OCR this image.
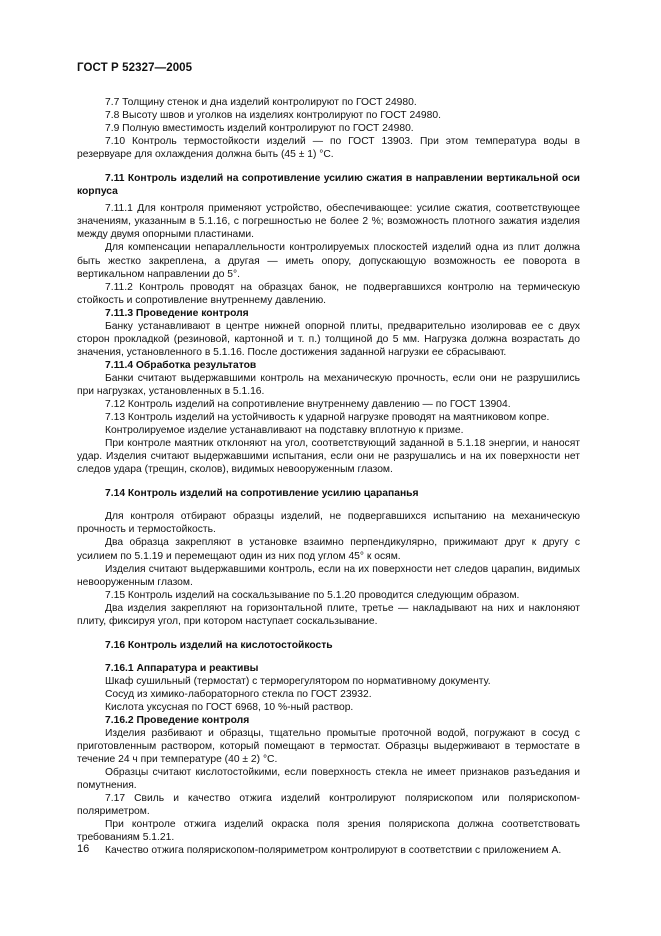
ГОСТ Р 52327—2005

7.7 Толщину стенок и дна изделий контролируют по ГОСТ 24980.

7.8 Высоту швов и уголков на изделиях контролируют по ГОСТ 24980.

7.9 Полную вместимость изделий контролируют по ГОСТ 24980.

7.10 Контроль термостойкости изделий — по ГОСТ 13903. При этом температура воды в резервуаре для охлаждения должна быть (45 ± 1) °С.

7.11 Контроль изделий на сопротивление усилию сжатия в направлении вертикальной оси корпуса

7.11.1 Для контроля применяют устройство, обеспечивающее: усилие сжатия, соответствующее значениям, указанным в 5.1.16, с погрешностью не более 2 %; возможность плотного зажатия изделия между двумя опорными пластинами.

Для компенсации непараллельности контролируемых плоскостей изделий одна из плит должна быть жестко закреплена, а другая — иметь опору, допускающую возможность ее поворота в вертикальном направлении до 5°.

7.11.2 Контроль проводят на образцах банок, не подвергавшихся контролю на термическую стойкость и сопротивление внутреннему давлению.

7.11.3 Проведение контроля

Банку устанавливают в центре нижней опорной плиты, предварительно изолировав ее с двух сторон прокладкой (резиновой, картонной и т. п.) толщиной до 5 мм. Нагрузка должна возрастать до значения, установленного в 5.1.16. После достижения заданной нагрузки ее сбрасывают.

7.11.4 Обработка результатов

Банки считают выдержавшими контроль на механическую прочность, если они не разрушились при нагрузках, установленных в 5.1.16.

7.12 Контроль изделий на сопротивление внутреннему давлению — по ГОСТ 13904.

7.13 Контроль изделий на устойчивость к ударной нагрузке проводят на маятниковом копре.

Контролируемое изделие устанавливают на подставку вплотную к призме.

При контроле маятник отклоняют на угол, соответствующий заданной в 5.1.18 энергии, и наносят удар. Изделия считают выдержавшими испытания, если они не разрушались и на их поверхности нет следов удара (трещин, сколов), видимых невооруженным глазом.

7.14 Контроль изделий на сопротивление усилию царапанья

Для контроля отбирают образцы изделий, не подвергавшихся испытанию на механическую прочность и термостойкость.

Два образца закрепляют в установке взаимно перпендикулярно, прижимают друг к другу с усилием по 5.1.19 и перемещают один из них под углом 45° к осям.

Изделия считают выдержавшими контроль, если на их поверхности нет следов царапин, видимых невооруженным глазом.

7.15 Контроль изделий на соскальзывание по 5.1.20 проводится следующим образом.

Два изделия закрепляют на горизонтальной плите, третье — накладывают на них и наклоняют плиту, фиксируя угол, при котором наступает соскальзывание.

7.16 Контроль изделий на кислотостойкость

7.16.1 Аппаратура и реактивы

Шкаф сушильный (термостат) с терморегулятором по нормативному документу.

Сосуд из химико-лабораторного стекла по ГОСТ 23932.

Кислота уксусная по ГОСТ 6968, 10 %-ный раствор.

7.16.2 Проведение контроля

Изделия разбивают и образцы, тщательно промытые проточной водой, погружают в сосуд с приготовленным раствором, который помещают в термостат. Образцы выдерживают в термостате в течение 24 ч при температуре (40 ± 2) °С.

Образцы считают кислотостойкими, если поверхность стекла не имеет признаков разъедания и помутнения.

7.17 Свиль и качество отжига изделий контролируют полярископом или полярископом-поляриметром.

При контроле отжига изделий окраска поля зрения полярископа должна соответствовать требованиям 5.1.21.

Качество отжига полярископом-поляриметром контролируют в соответствии с приложением А.

16
